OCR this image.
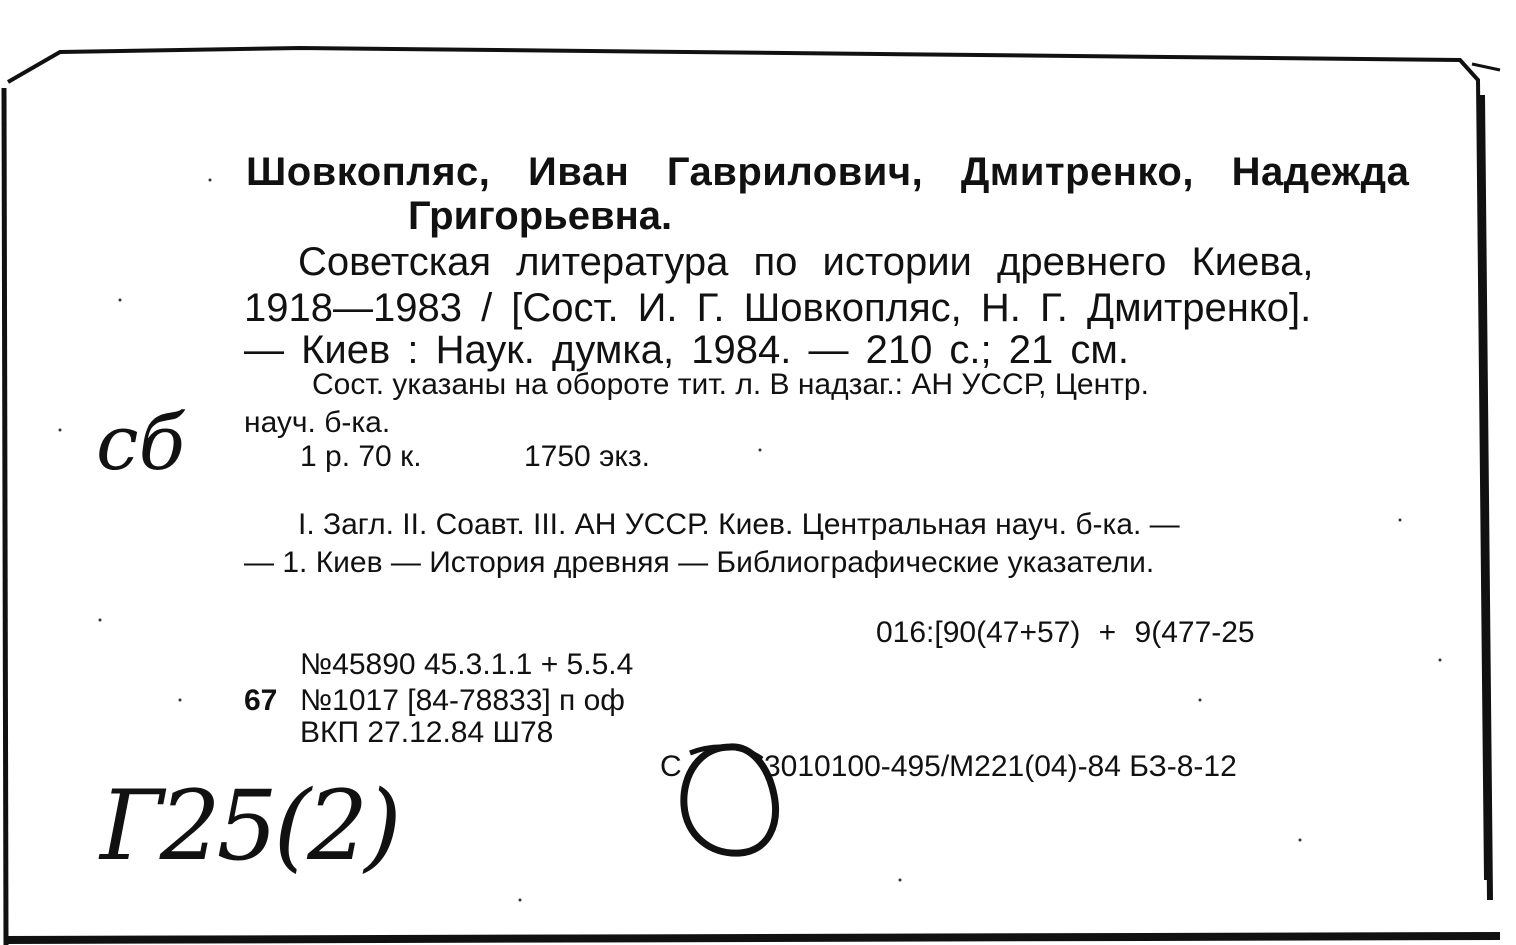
Шовкопляс, Иван Гаврилович, Дмитренко, Надежда
Григорьевна.
Советская литература по истории древнего Киева,
1918—1983 / [Сост. И. Г. Шовкопляс, Н. Г. Дмитренко].
— Киев : Наук. думка, 1984. — 210 с.; 21 см.
Сост. указаны на обороте тит. л. В надзаг.: АН УССР, Центр.
науч. б-ка.
1 р. 70 к.	1750 экз.
I. Загл. II. Соавт. III. АН УССР. Киев. Центральная науч. б-ка. —
— 1. Киев — История древняя — Библиографические указатели.
016:[90(47+57) + 9(477-25
№45890 45.3.1.1 + 5.5.4
67 №1017 [84-78833] п оф
ВКП 27.12.84 Ш78
С	3010100-495/М221(04)-84 БЗ-8-12
сб
Г25(2)
